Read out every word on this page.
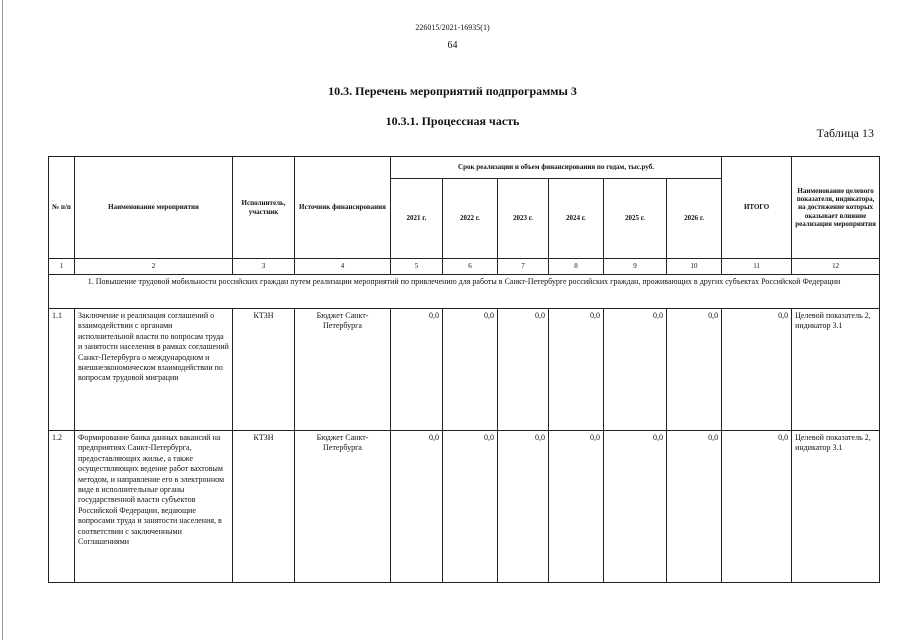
226015/2021-16935(1)
64
10.3. Перечень мероприятий подпрограммы 3
10.3.1. Процессная часть
Таблица 13
№ п/п	Наименование мероприятия	Исполнитель, участник	Источник финансирования	Срок реализации и объем финансирования по годам, тыс.руб.						ИТОГО	Наименование целевого показателя, индикатора, на достижение которых оказывает влияние реализация мероприятия
				2021 г.	2022 г.	2023 г.	2024 г.	2025 г.	2026 г.		
1	2	3	4	5	6	7	8	9	10	11	12
1. Повышение трудовой мобильности российских граждан путем реализации мероприятий по привлечению для работы в Санкт-Петербурге российских граждан, проживающих в других субъектах Российской Федерации											
1.1	Заключение и реализация соглашений о взаимодействии с органами исполнительной власти по вопросам труда и занятости населения в рамках соглашений Санкт-Петербурга о международном и внешнеэкономическом взаимодействии по вопросам трудовой миграции	КТЗН	Бюджет Санкт-Петербурга	0,0	0,0	0,0	0,0	0,0	0,0	0,0	Целевой показатель 2, индикатор 3.1
1.2	Формирование банка данных вакансий на предприятиях Санкт-Петербурга, предоставляющих жилье, а также осуществляющих ведение работ вахтовым методом, и направление его в электронном виде в исполнительные органы государственной власти субъектов Российской Федерации, ведающие вопросами труда и занятости населения, в соответствии с заключенными Соглашениями	КТЗН	Бюджет Санкт-Петербурга	0,0	0,0	0,0	0,0	0,0	0,0	0,0	Целевой показатель 2, индикатор 3.1
